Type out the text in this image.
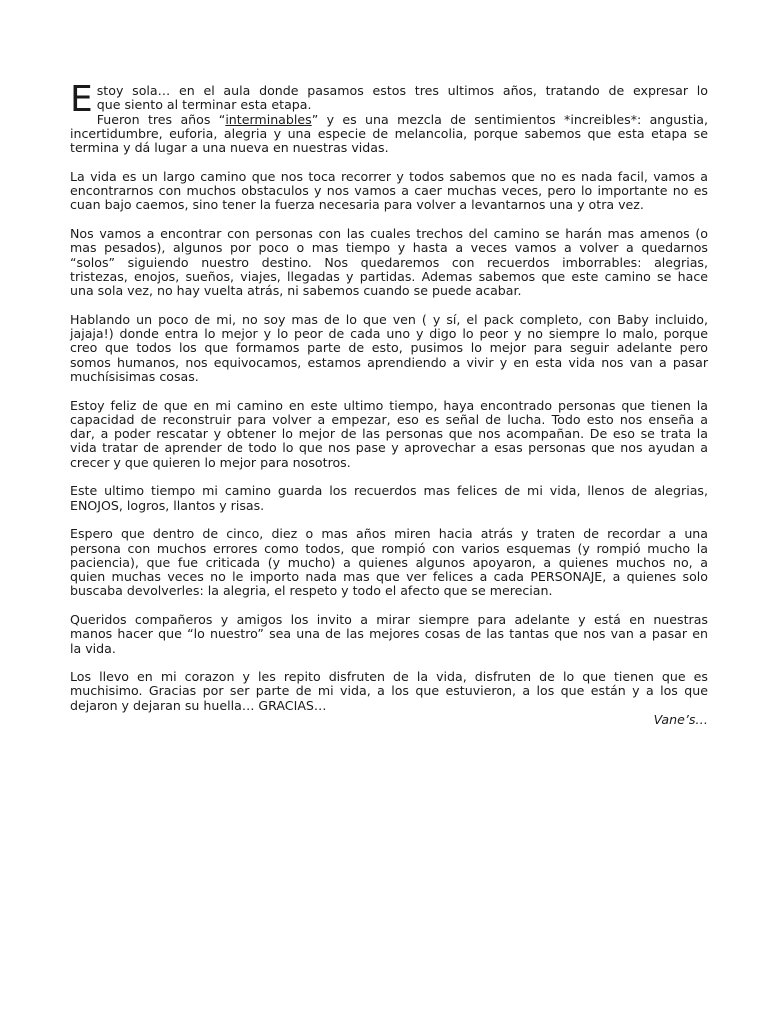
E stoy sola… en el aula donde pasamos estos tres ultimos años, tratando de expresar lo
que siento al terminar esta etapa.
Fueron tres años “interminables” y es una mezcla de sentimientos *increibles*: angustia,
incertidumbre, euforia, alegria y una especie de melancolia, porque sabemos que esta etapa se
termina y dá lugar a una nueva en nuestras vidas.
La vida es un largo camino que nos toca recorrer y todos sabemos que no es nada facil, vamos a
encontrarnos con muchos obstaculos y nos vamos a caer muchas veces, pero lo importante no es
cuan bajo caemos, sino tener la fuerza necesaria para volver a levantarnos una y otra vez.
Nos vamos a encontrar con personas con las cuales trechos del camino se harán mas amenos (o
mas pesados), algunos por poco o mas tiempo y hasta a veces vamos a volver a quedarnos
“solos” siguiendo nuestro destino. Nos quedaremos con recuerdos imborrables: alegrias,
tristezas, enojos, sueños, viajes, llegadas y partidas. Ademas sabemos que este camino se hace
una sola vez, no hay vuelta atrás, ni sabemos cuando se puede acabar.
Hablando un poco de mi, no soy mas de lo que ven ( y sí, el pack completo, con Baby incluido,
jajaja!) donde entra lo mejor y lo peor de cada uno y digo lo peor y no siempre lo malo, porque
creo que todos los que formamos parte de esto, pusimos lo mejor para seguir adelante pero
somos humanos, nos equivocamos, estamos aprendiendo a vivir y en esta vida nos van a pasar
muchísisimas cosas.
Estoy feliz de que en mi camino en este ultimo tiempo, haya encontrado personas que tienen la
capacidad de reconstruir para volver a empezar, eso es señal de lucha. Todo esto nos enseña a
dar, a poder rescatar y obtener lo mejor de las personas que nos acompañan. De eso se trata la
vida tratar de aprender de todo lo que nos pase y aprovechar a esas personas que nos ayudan a
crecer y que quieren lo mejor para nosotros.
Este ultimo tiempo mi camino guarda los recuerdos mas felices de mi vida, llenos de alegrias,
ENOJOS, logros, llantos y risas.
Espero que dentro de cinco, diez o mas años miren hacia atrás y traten de recordar a una
persona con muchos errores como todos, que rompió con varios esquemas (y rompió mucho la
paciencia), que fue criticada (y mucho) a quienes algunos apoyaron, a quienes muchos no, a
quien muchas veces no le importo nada mas que ver felices a cada PERSONAJE, a quienes solo
buscaba devolverles: la alegria, el respeto y todo el afecto que se merecian.
Queridos compañeros y amigos los invito a mirar siempre para adelante y está en nuestras
manos hacer que “lo nuestro” sea una de las mejores cosas de las tantas que nos van a pasar en
la vida.
Los llevo en mi corazon y les repito disfruten de la vida, disfruten de lo que tienen que es
muchisimo. Gracias por ser parte de mi vida, a los que estuvieron, a los que están y a los que
dejaron y dejaran su huella… GRACIAS…
Vane’s…
